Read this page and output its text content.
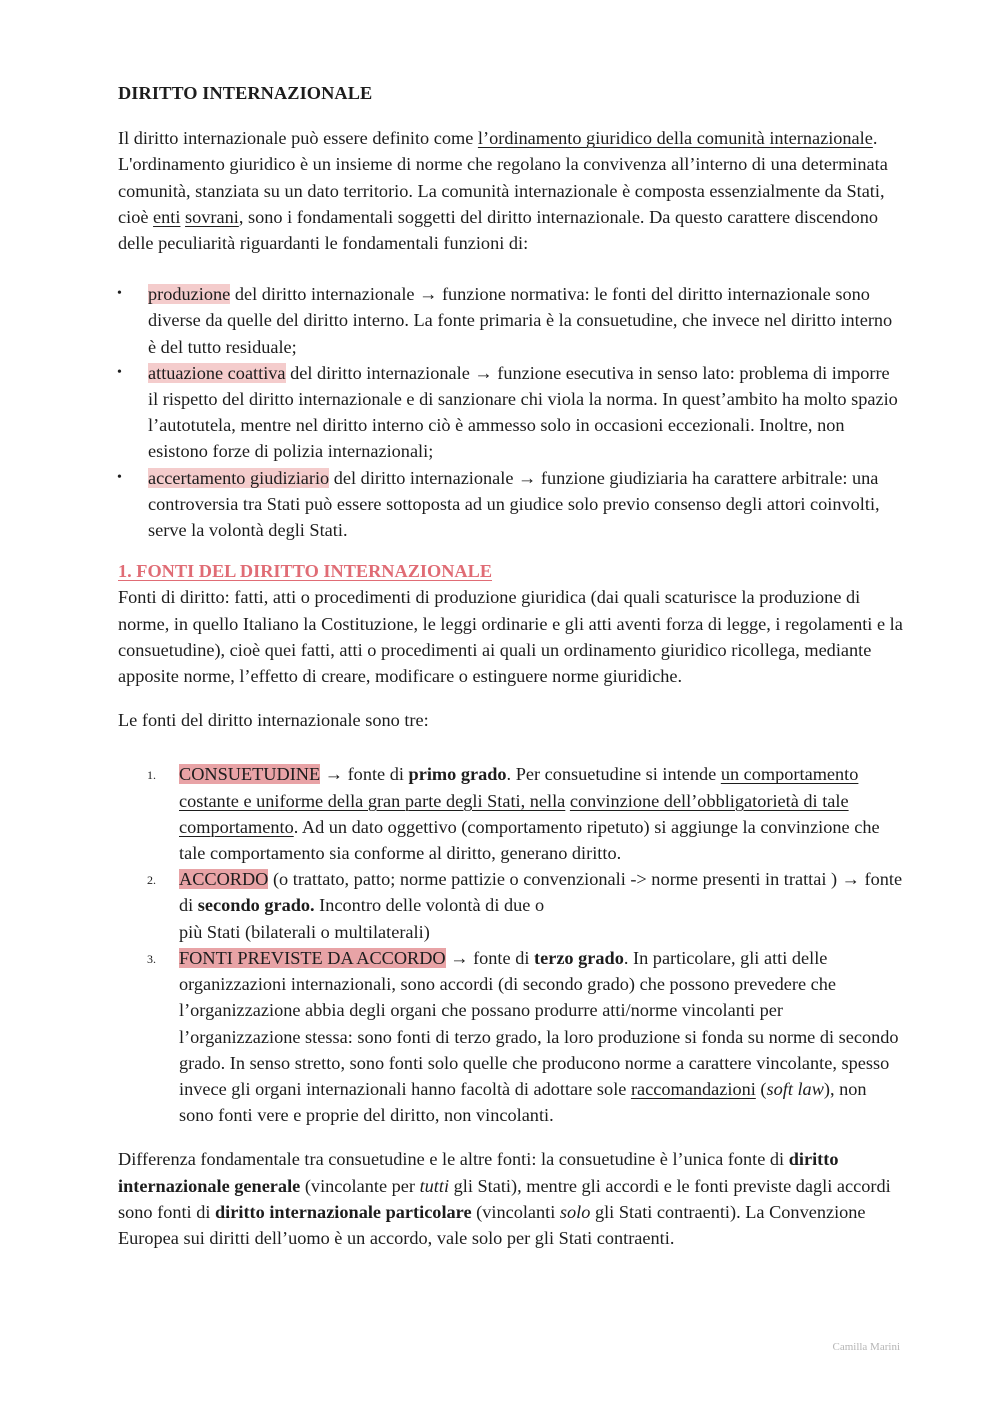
DIRITTO INTERNAZIONALE

Il diritto internazionale può essere definito come l’ordinamento giuridico della comunità internazionale. L'ordinamento giuridico è un insieme di norme che regolano la convivenza all’interno di una determinata comunità, stanziata su un dato territorio. La comunità internazionale è composta essenzialmente da Stati, cioè enti sovrani, sono i fondamentali soggetti del diritto internazionale. Da questo carattere discendono delle peculiarità riguardanti le fondamentali funzioni di:

• produzione del diritto internazionale → funzione normativa: le fonti del diritto internazionale sono diverse da quelle del diritto interno. La fonte primaria è la consuetudine, che invece nel diritto interno è del tutto residuale;
• attuazione coattiva del diritto internazionale → funzione esecutiva in senso lato: problema di imporre il rispetto del diritto internazionale e di sanzionare chi viola la norma. In quest’ambito ha molto spazio l’autotutela, mentre nel diritto interno ciò è ammesso solo in occasioni eccezionali. Inoltre, non esistono forze di polizia internazionali;
• accertamento giudiziario del diritto internazionale → funzione giudiziaria ha carattere arbitrale: una controversia tra Stati può essere sottoposta ad un giudice solo previo consenso degli attori coinvolti, serve la volontà degli Stati.
1. FONTI DEL DIRITTO INTERNAZIONALE

Fonti di diritto: fatti, atti o procedimenti di produzione giuridica (dai quali scaturisce la produzione di norme, in quello Italiano la Costituzione, le leggi ordinarie e gli atti aventi forza di legge, i regolamenti e la consuetudine), cioè quei fatti, atti o procedimenti ai quali un ordinamento giuridico ricollega, mediante apposite norme, l’effetto di creare, modificare o estinguere norme giuridiche.

Le fonti del diritto internazionale sono tre:

1. CONSUETUDINE → fonte di primo grado. Per consuetudine si intende un comportamento costante e uniforme della gran parte degli Stati, nella convinzione dell’obbligatorietà di tale comportamento. Ad un dato oggettivo (comportamento ripetuto) si aggiunge la convinzione che tale comportamento sia conforme al diritto, generano diritto.
2. ACCORDO (o trattato, patto; norme pattizie o convenzionali -> norme presenti in trattai ) → fonte di secondo grado. Incontro delle volontà di due o
più Stati (bilaterali o multilaterali)
3. FONTI PREVISTE DA ACCORDO → fonte di terzo grado. In particolare, gli atti delle organizzazioni internazionali, sono accordi (di secondo grado) che possono prevedere che l’organizzazione abbia degli organi che possano produrre atti/norme vincolanti per l’organizzazione stessa: sono fonti di terzo grado, la loro produzione si fonda su norme di secondo grado. In senso stretto, sono fonti solo quelle che producono norme a carattere vincolante, spesso invece gli organi internazionali hanno facoltà di adottare sole raccomandazioni (soft law), non sono fonti vere e proprie del diritto, non vincolanti.

Differenza fondamentale tra consuetudine e le altre fonti: la consuetudine è l’unica fonte di diritto internazionale generale (vincolante per tutti gli Stati), mentre gli accordi e le fonti previste dagli accordi sono fonti di diritto internazionale particolare (vincolanti solo gli Stati contraenti). La Convenzione Europea sui diritti dell’uomo è un accordo, vale solo per gli Stati contraenti.

Camilla Marini
